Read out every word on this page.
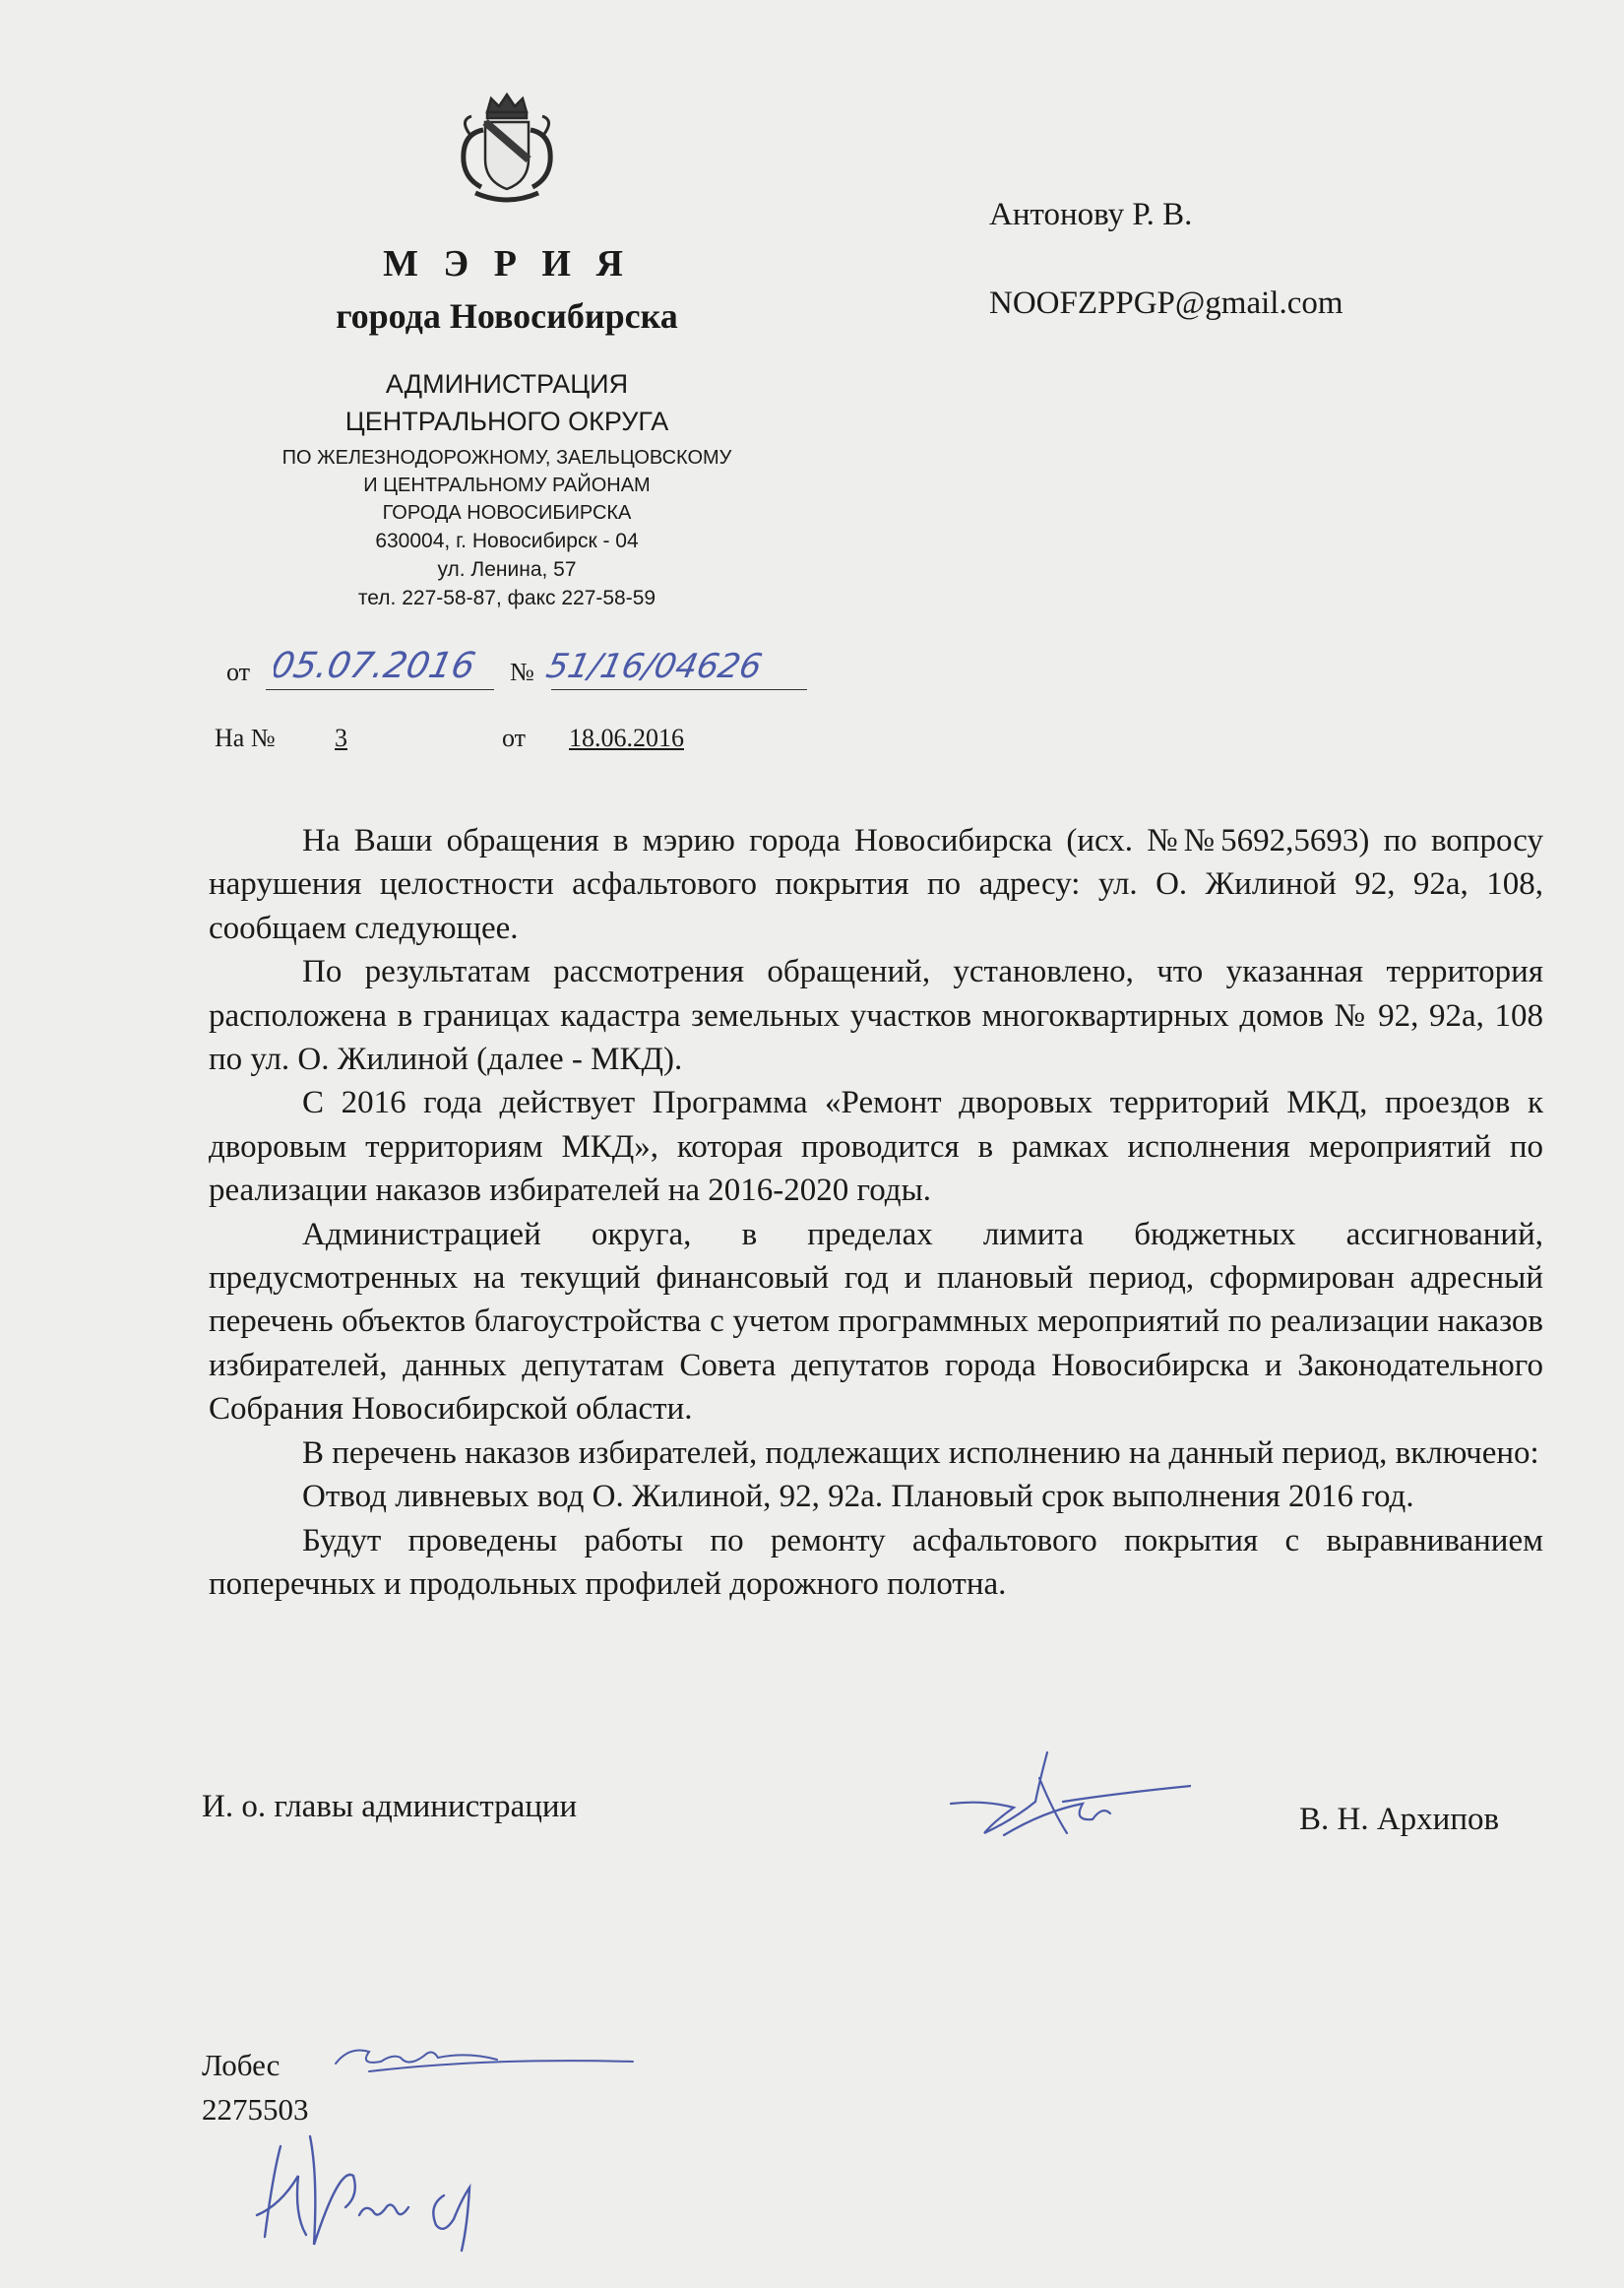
М Э Р И Я
города Новосибирска
АДМИНИСТРАЦИЯ
ЦЕНТРАЛЬНОГО ОКРУГА
ПО ЖЕЛЕЗНОДОРОЖНОМУ, ЗАЕЛЬЦОВСКОМУ
И ЦЕНТРАЛЬНОМУ РАЙОНАМ
ГОРОДА НОВОСИБИРСКА
630004, г. Новосибирск - 04
ул. Ленина, 57
тел. 227-58-87, факс 227-58-59
Антонову Р. В.
NOOFZPPGP@gmail.com
от 05.07.2016 № 51/16/04626
На № 3	от 18.06.2016

На Ваши обращения в мэрию города Новосибирска (исх. №№5692,5693) по вопросу нарушения целостности асфальтового покрытия по адресу: ул. О. Жилиной 92, 92а, 108, сообщаем следующее.

По результатам рассмотрения обращений, установлено, что указанная территория расположена в границах кадастра земельных участков многоквартирных домов № 92, 92а, 108 по ул. О. Жилиной (далее - МКД).

С 2016 года действует Программа «Ремонт дворовых территорий МКД, проездов к дворовым территориям МКД», которая проводится в рамках исполнения мероприятий по реализации наказов избирателей на 2016-2020 годы.

Администрацией округа, в пределах лимита бюджетных ассигнований, предусмотренных на текущий финансовый год и плановый период, сформирован адресный перечень объектов благоустройства с учетом программных мероприятий по реализации наказов избирателей, данных депутатам Совета депутатов города Новосибирска и Законодательного Собрания Новосибирской области.

В перечень наказов избирателей, подлежащих исполнению на данный период, включено:

Отвод ливневых вод О. Жилиной, 92, 92а. Плановый срок выполнения 2016 год.

Будут проведены работы по ремонту асфальтового покрытия с выравниванием поперечных и продольных профилей дорожного полотна.

И. о. главы администрации	В. Н. Архипов
Лобес
2275503
